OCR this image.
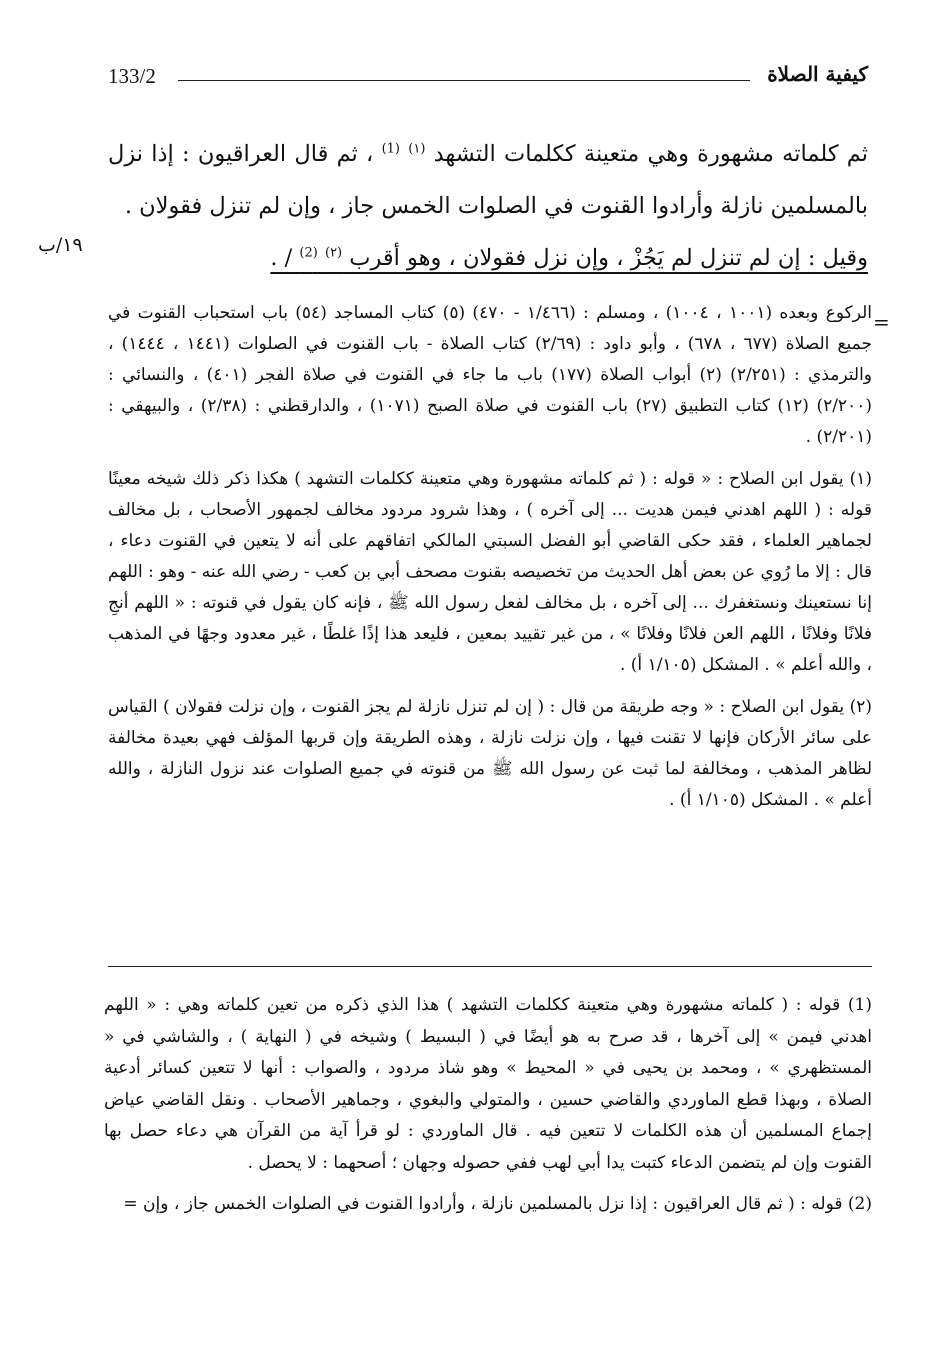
133/2	كيفية الصلاة
١٩/ب

ثم كلماته مشهورة وهي متعينة ككلمات التشهد $^{(١)}$ $^{(1)}$ ، ثم قال العراقيون : إذا نزل بالمسلمين نازلة وأرادوا القنوت في الصلوات الخمس جاز ، وإن لم تنزل فقولان .

وقيل : إن لم تنزل لم يَجُزْ ، وإن نزل فقولان ، وهو أقرب $^{(٢)}$ $^{(2)}$ / .

=

الركوع وبعده (١٠٠١ ، ١٠٠٤) ، ومسلم : (١/٤٦٦ - ٤٧٠) (٥) كتاب المساجد (٥٤) باب استحباب القنوت في جميع الصلاة (٦٧٧ ، ٦٧٨) ، وأبو داود : (٢/٦٩) كتاب الصلاة - باب القنوت في الصلوات (١٤٤١ ، ١٤٤٤) ، والترمذي : (٢/٢٥١) (٢) أبواب الصلاة (١٧٧) باب ما جاء في القنوت في صلاة الفجر (٤٠١) ، والنسائي : (٢/٢٠٠) (١٢) كتاب التطبيق (٢٧) باب القنوت في صلاة الصبح (١٠٧١) ، والدارقطني : (٢/٣٨) ، والبيهقي : (٢/٢٠١) .

(١) يقول ابن الصلاح : « قوله : ( ثم كلماته مشهورة وهي متعينة ككلمات التشهد ) هكذا ذكر ذلك شيخه معينًا قوله : ( اللهم اهدني فيمن هديت ... إلى آخره ) ، وهذا شرود مردود مخالف لجمهور الأصحاب ، بل مخالف لجماهير العلماء ، فقد حكى القاضي أبو الفضل السبتي المالكي اتفاقهم على أنه لا يتعين في القنوت دعاء ، قال : إلا ما رُوي عن بعض أهل الحديث من تخصيصه بقنوت مصحف أبي بن كعب - رضي الله عنه - وهو : اللهم إنا نستعينك ونستغفرك ... إلى آخره ، بل مخالف لفعل رسول الله ﷺ ، فإنه كان يقول في قنوته : « اللهم أنجِ فلانًا وفلانًا ، اللهم العن فلانًا وفلانًا » ، من غير تقييد بمعين ، فليعد هذا إذًا غلطًا ، غير معدود وجهًا في المذهب ، والله أعلم » . المشكل (١/١٠٥ أ) .

(٢) يقول ابن الصلاح : « وجه طريقة من قال : ( إن لم تنزل نازلة لم يجز القنوت ، وإن نزلت فقولان ) القياس على سائر الأركان فإنها لا تقنت فيها ، وإن نزلت نازلة ، وهذه الطريقة وإن قربها المؤلف فهي بعيدة مخالفة لظاهر المذهب ، ومخالفة لما ثبت عن رسول الله ﷺ من قنوته في جميع الصلوات عند نزول النازلة ، والله أعلم » . المشكل (١/١٠٥ أ) .

(1) قوله : ( كلماته مشهورة وهي متعينة ككلمات التشهد ) هذا الذي ذكره من تعين كلماته وهي : « اللهم اهدني فيمن » إلى آخرها ، قد صرح به هو أيضًا في ( البسيط ) وشيخه في ( النهاية ) ، والشاشي في « المستظهري » ، ومحمد بن يحيى في « المحيط » وهو شاذ مردود ، والصواب : أنها لا تتعين كسائر أدعية الصلاة ، وبهذا قطع الماوردي والقاضي حسين ، والمتولي والبغوي ، وجماهير الأصحاب . ونقل القاضي عياض إجماع المسلمين أن هذه الكلمات لا تتعين فيه . قال الماوردي : لو قرأ آية من القرآن هي دعاء حصل بها القنوت وإن لم يتضمن الدعاء كتبت يدا أبي لهب ففي حصوله وجهان ؛ أصحهما : لا يحصل .

(2) قوله : ( ثم قال العراقيون : إذا نزل بالمسلمين نازلة ، وأرادوا القنوت في الصلوات الخمس جاز ، وإن =
